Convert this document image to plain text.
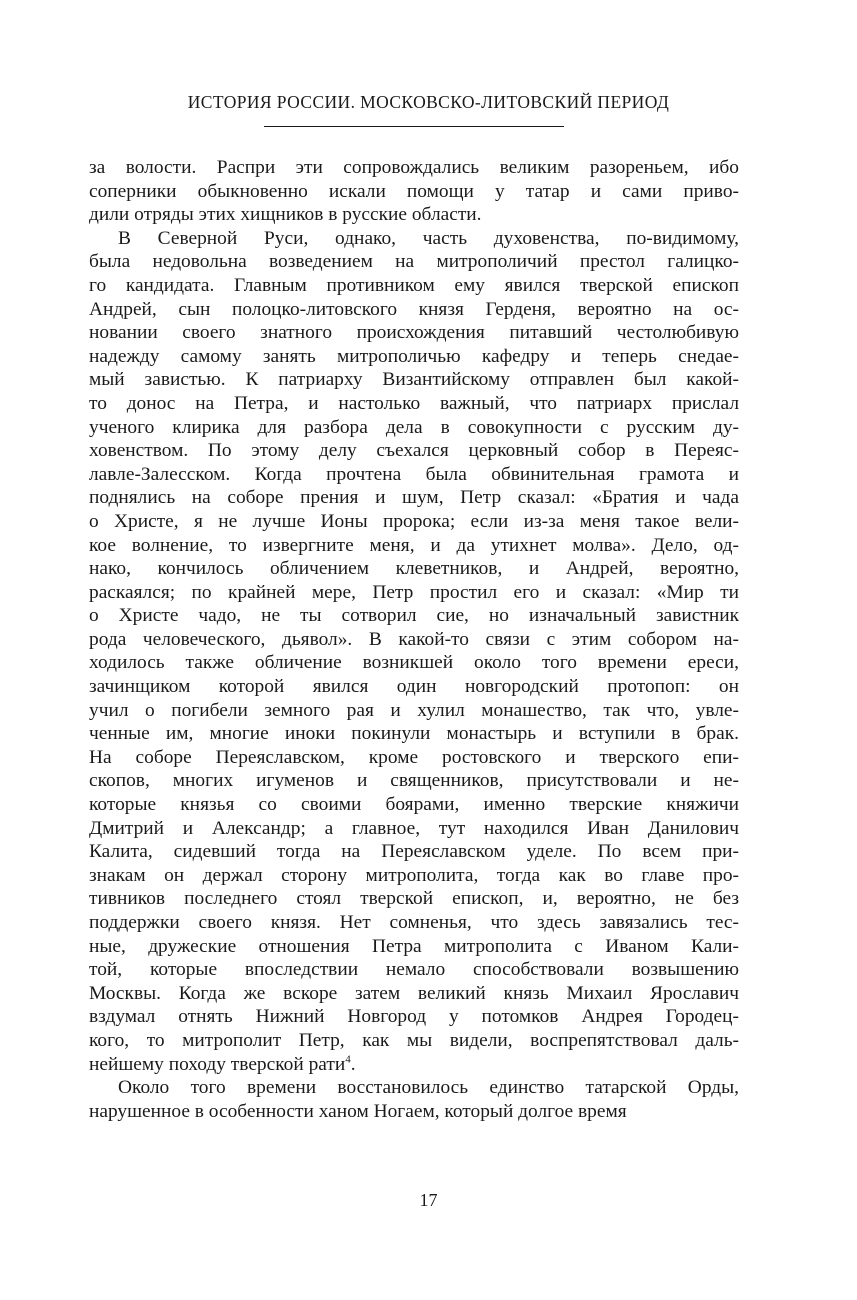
ИСТОРИЯ РОССИИ. МОСКОВСКО-ЛИТОВСКИЙ ПЕРИОД
за волости. Распри эти сопровождались великим разореньем, ибо
соперники обыкновенно искали помощи у татар и сами приво-
дили отряды этих хищников в русские области.
В Северной Руси, однако, часть духовенства, по-видимому,
была недовольна возведением на митрополичий престол галицко-
го кандидата. Главным противником ему явился тверской епископ
Андрей, сын полоцко-литовского князя Герденя, вероятно на ос-
новании своего знатного происхождения питавший честолюбивую
надежду самому занять митрополичью кафедру и теперь снедае-
мый завистью. К патриарху Византийскому отправлен был какой-
то донос на Петра, и настолько важный, что патриарх прислал
ученого клирика для разбора дела в совокупности с русским ду-
ховенством. По этому делу съехался церковный собор в Переяс-
лавле-Залесском. Когда прочтена была обвинительная грамота и
поднялись на соборе прения и шум, Петр сказал: «Братия и чада
о Христе, я не лучше Ионы пророка; если из-за меня такое вели-
кое волнение, то извергните меня, и да утихнет молва». Дело, од-
нако, кончилось обличением клеветников, и Андрей, вероятно,
раскаялся; по крайней мере, Петр простил его и сказал: «Мир ти
о Христе чадо, не ты сотворил сие, но изначальный завистник
рода человеческого, дьявол». В какой-то связи с этим собором на-
ходилось также обличение возникшей около того времени ереси,
зачинщиком которой явился один новгородский протопоп: он
учил о погибели земного рая и хулил монашество, так что, увле-
ченные им, многие иноки покинули монастырь и вступили в брак.
На соборе Переяславском, кроме ростовского и тверского епи-
скопов, многих игуменов и священников, присутствовали и не-
которые князья со своими боярами, именно тверские княжичи
Дмитрий и Александр; а главное, тут находился Иван Данилович
Калита, сидевший тогда на Переяславском уделе. По всем при-
знакам он держал сторону митрополита, тогда как во главе про-
тивников последнего стоял тверской епископ, и, вероятно, не без
поддержки своего князя. Нет сомненья, что здесь завязались тес-
ные, дружеские отношения Петра митрополита с Иваном Кали-
той, которые впоследствии немало способствовали возвышению
Москвы. Когда же вскоре затем великий князь Михаил Ярославич
вздумал отнять Нижний Новгород у потомков Андрея Городец-
кого, то митрополит Петр, как мы видели, воспрепятствовал даль-
нейшему походу тверской рати$^4$.
Около того времени восстановилось единство татарской Орды,
нарушенное в особенности ханом Ногаем, который долгое время
17
